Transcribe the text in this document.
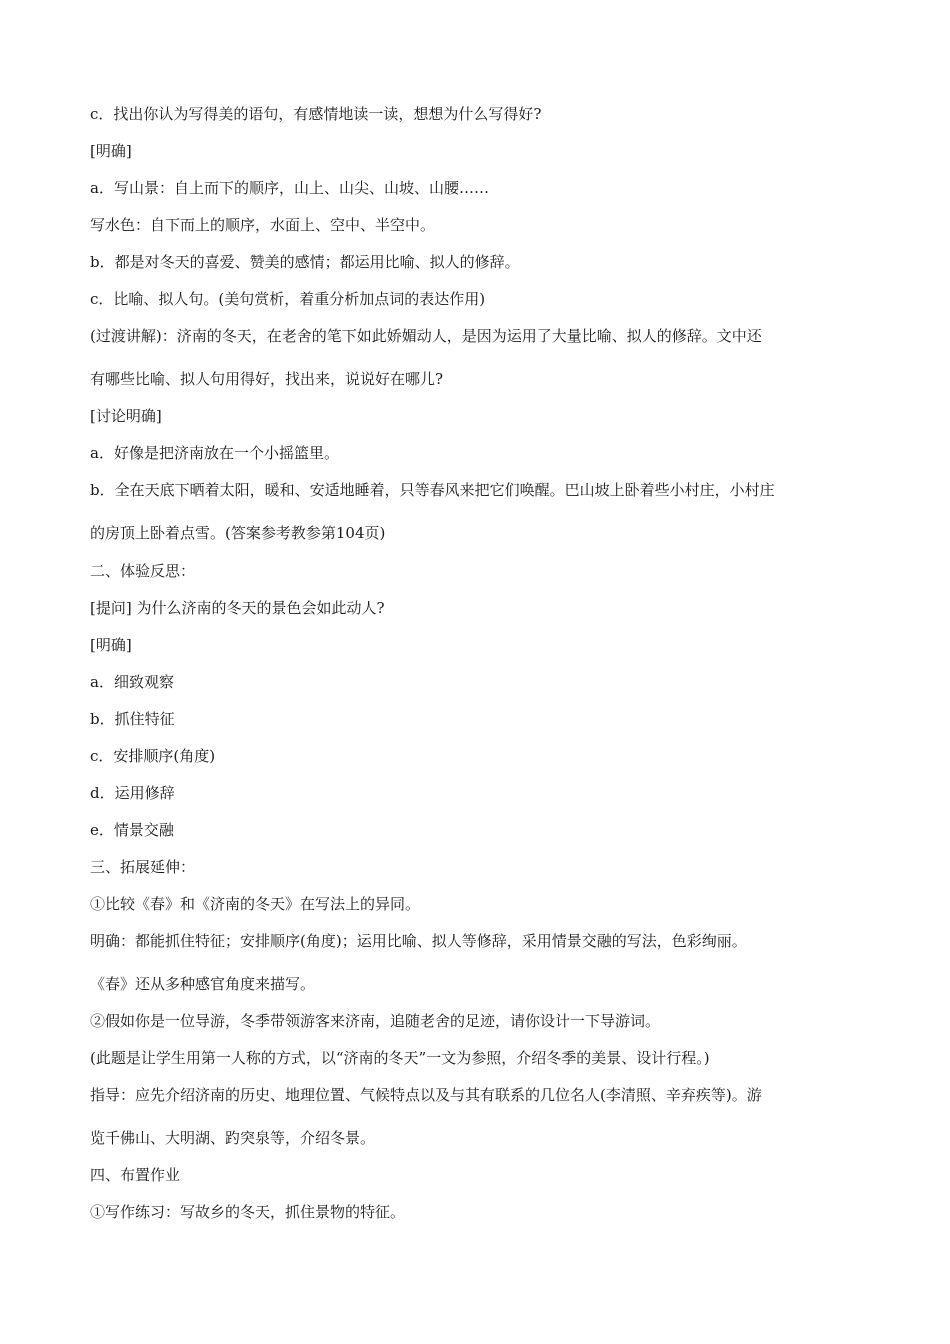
c．找出你认为写得美的语句，有感情地读一读，想想为什么写得好?
[明确]
a．写山景：自上而下的顺序，山上、山尖、山坡、山腰……
写水色：自下而上的顺序，水面上、空中、半空中。
b．都是对冬天的喜爱、赞美的感情；都运用比喻、拟人的修辞。
c．比喻、拟人句。(美句赏析，着重分析加点词的表达作用)
(过渡讲解)：济南的冬天，在老舍的笔下如此娇媚动人，是因为运用了大量比喻、拟人的修辞。文中还
有哪些比喻、拟人句用得好，找出来，说说好在哪儿?
[讨论明确]
a．好像是把济南放在一个小摇篮里。
b．全在天底下晒着太阳，暖和、安适地睡着，只等春风来把它们唤醒。巴山坡上卧着些小村庄，小村庄
的房顶上卧着点雪。(答案参考教参第104页)
二、体验反思：
[提问] 为什么济南的冬天的景色会如此动人?
[明确]
a．细致观察
b．抓住特征
c．安排顺序(角度)
d．运用修辞
e．情景交融
三、拓展延伸：
①比较《春》和《济南的冬天》在写法上的异同。
明确：都能抓住特征；安排顺序(角度)；运用比喻、拟人等修辞，采用情景交融的写法，色彩绚丽。
《春》还从多种感官角度来描写。
②假如你是一位导游，冬季带领游客来济南，追随老舍的足迹，请你设计一下导游词。
(此题是让学生用第一人称的方式，以“济南的冬天”一文为参照，介绍冬季的美景、设计行程。)
指导：应先介绍济南的历史、地理位置、气候特点以及与其有联系的几位名人(李清照、辛弃疾等)。游
览千佛山、大明湖、趵突泉等，介绍冬景。
四、布置作业
①写作练习：写故乡的冬天，抓住景物的特征。
